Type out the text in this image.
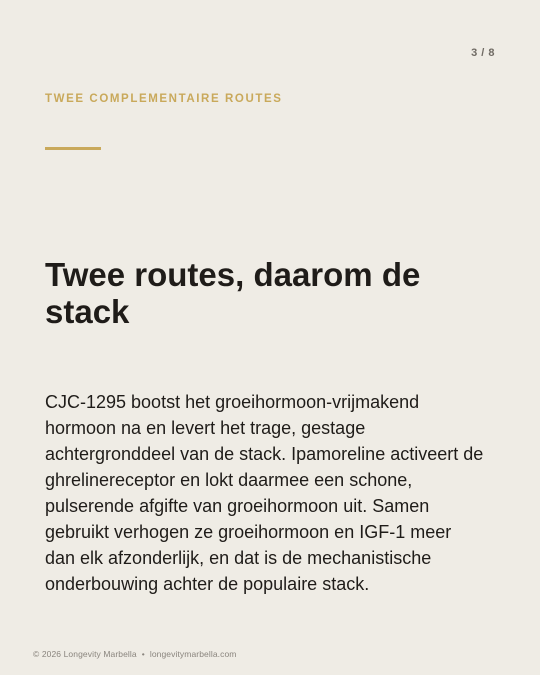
3 / 8
TWEE COMPLEMENTAIRE ROUTES
Twee routes, daarom de stack

CJC-1295 bootst het groeihormoon-vrijmakend hormoon na en levert het trage, gestage achtergronddeel van de stack. Ipamoreline activeert de ghrelinereceptor en lokt daarmee een schone, pulserende afgifte van groeihormoon uit. Samen gebruikt verhogen ze groeihormoon en IGF-1 meer dan elk afzonderlijk, en dat is de mechanistische onderbouwing achter de populaire stack.

© 2026 Longevity Marbella • longevitymarbella.com
